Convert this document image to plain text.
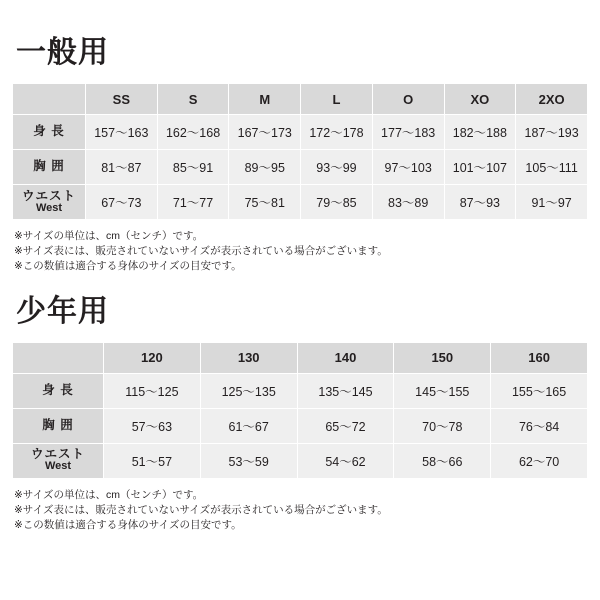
一般用
	SS	S	M	L	O	XO	2XO

身 長	157〜163	162〜168	167〜173	172〜178	177〜183	182〜188	187〜193

胸 囲	81〜87	85〜91	89〜95	93〜99	97〜103	101〜107	105〜111

ウエスト
West	67〜73	71〜77	75〜81	79〜85	83〜89	87〜93	91〜97
※サイズの単位は、cm（センチ）です。
※サイズ表には、販売されていないサイズが表示されている場合がございます。
※この数値は適合する身体のサイズの目安です。
少年用
	120	130	140	150	160

身 長	115〜125	125〜135	135〜145	145〜155	155〜165

胸 囲	57〜63	61〜67	65〜72	70〜78	76〜84

ウエスト
West	51〜57	53〜59	54〜62	58〜66	62〜70
※サイズの単位は、cm（センチ）です。
※サイズ表には、販売されていないサイズが表示されている場合がございます。
※この数値は適合する身体のサイズの目安です。
